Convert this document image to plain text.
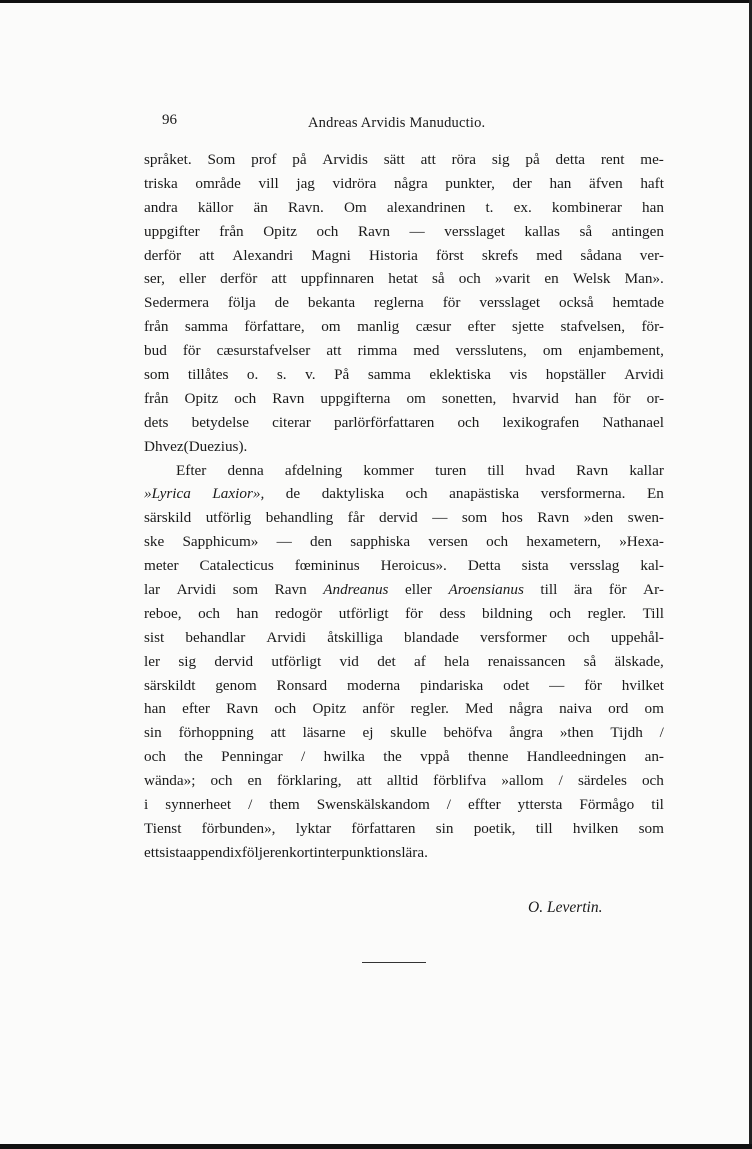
96	Andreas Arvidis Manuductio.
språket. Som prof på Arvidis sätt att röra sig på detta rent me-
triska område vill jag vidröra några punkter, der han äfven haft
andra källor än Ravn. Om alexandrinen t. ex. kombinerar han
uppgifter från Opitz och Ravn — versslaget kallas så antingen
derför att Alexandri Magni Historia först skrefs med sådana ver-
ser, eller derför att uppfinnaren hetat så och »varit en Welsk Man».
Sedermera följa de bekanta reglerna för versslaget också hemtade
från samma författare, om manlig cæsur efter sjette stafvelsen, för-
bud för cæsurstafvelser att rimma med versslutens, om enjambement,
som tillåtes o. s. v. På samma eklektiska vis hopställer Arvidi
från Opitz och Ravn uppgifterna om sonetten, hvarvid han för or-
dets betydelse citerar parlörförfattaren och lexikografen Nathanael
Dhvez (Duezius).
Efter denna afdelning kommer turen till hvad Ravn kallar
»Lyrica Laxior», de daktyliska och anapästiska versformerna. En
särskild utförlig behandling får dervid — som hos Ravn »den swen-
ske Sapphicum» — den sapphiska versen och hexametern, »Hexa-
meter Catalecticus fœmininus Heroicus». Detta sista versslag kal-
lar Arvidi som Ravn Andreanus eller Aroensianus till ära för Ar-
reboe, och han redogör utförligt för dess bildning och regler. Till
sist behandlar Arvidi åtskilliga blandade versformer och uppehål-
ler sig dervid utförligt vid det af hela renaissancen så älskade,
särskildt genom Ronsard moderna pindariska odet — för hvilket
han efter Ravn och Opitz anför regler. Med några naiva ord om
sin förhoppning att läsarne ej skulle behöfva ångra »then Tijdh /
och the Penningar / hwilka the vppå thenne Handleedningen an-
wända»; och en förklaring, att alltid förblifva »allom / särdeles och
i synnerheet / them Swenskälskandom / effter yttersta Förmågo til
Tienst förbunden», lyktar författaren sin poetik, till hvilken som
ett sista appendix följer en kort interpunktionslära.
O. Levertin.
